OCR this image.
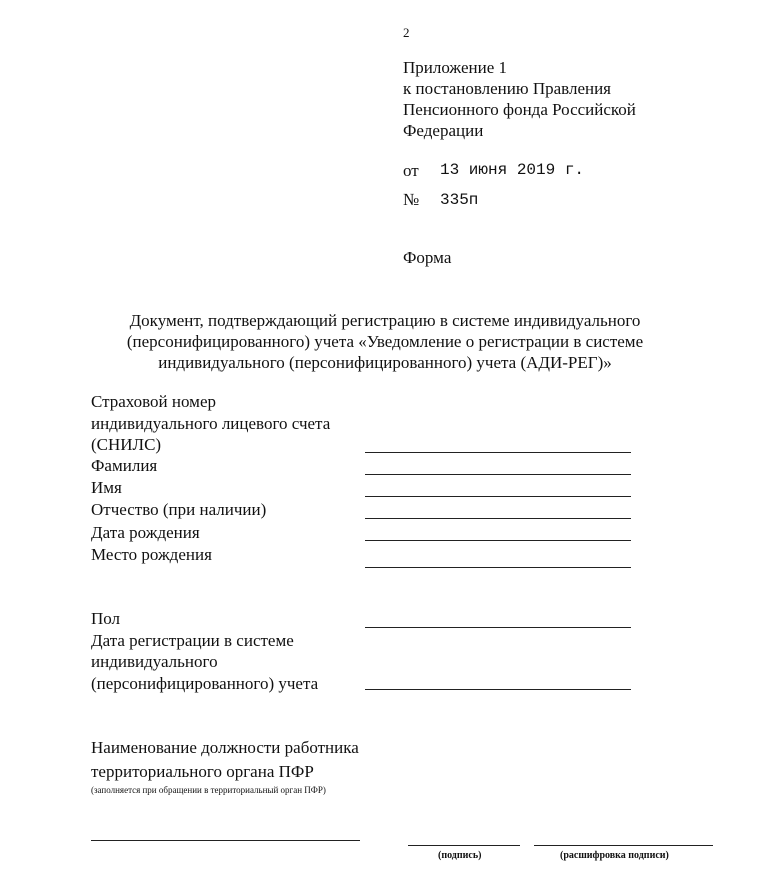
2
Приложение 1
к постановлению Правления
Пенсионного фонда Российской
Федерации
от 13 июня 2019 г.
№ 335п
Форма
Документ, подтверждающий регистрацию в системе индивидуального
(персонифицированного) учета «Уведомление о регистрации в системе
индивидуального (персонифицированного) учета (АДИ-РЕГ)»
Страховой номер
индивидуального лицевого счета
(СНИЛС)
Фамилия
Имя
Отчество (при наличии)
Дата рождения
Место рождения
Пол
Дата регистрации в системе
индивидуального
(персонифицированного) учета
Наименование должности работника
территориального органа ПФР
(заполняется при обращении в территориальный орган ПФР)
(подпись)	(расшифровка подписи)
